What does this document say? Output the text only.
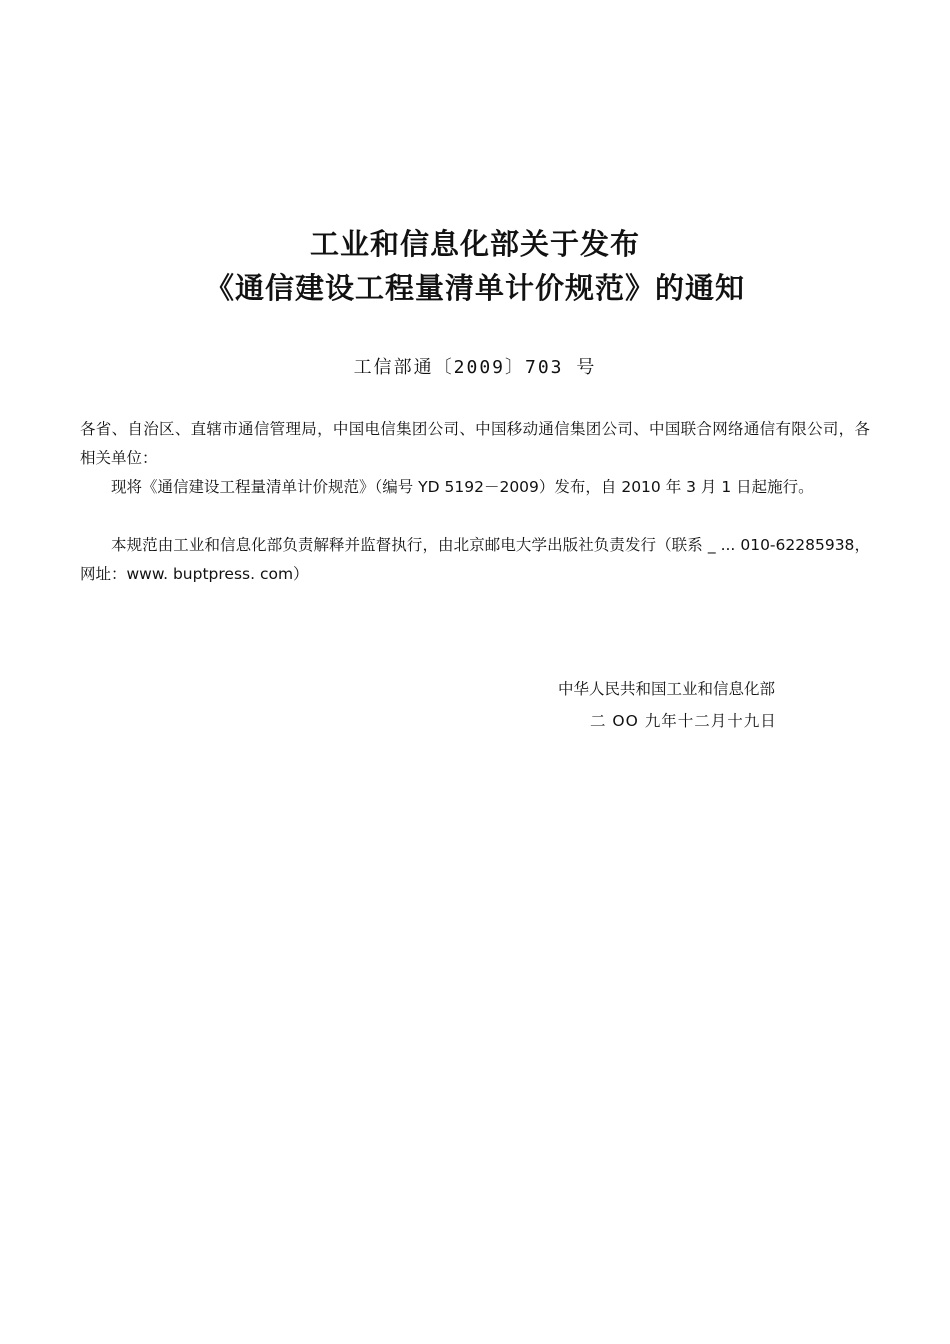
工业和信息化部关于发布
《通信建设工程量清单计价规范》的通知
工信部通〔2009〕703 号
各省、自治区、直辖市通信管理局，中国电信集团公司、中国移动通信集团公司、中国联合网络通信有限公司，各相关单位：
现将《通信建设工程量清单计价规范》（编号 YD 5192－2009）发布，自 2010 年 3 月 1 日起施行。
本规范由工业和信息化部负责解释并监督执行，由北京邮电大学出版社负责发行（联系 _ ... 010-62285938，网址：www. buptpress. com）
中华人民共和国工业和信息化部
二 OO 九年十二月十九日
